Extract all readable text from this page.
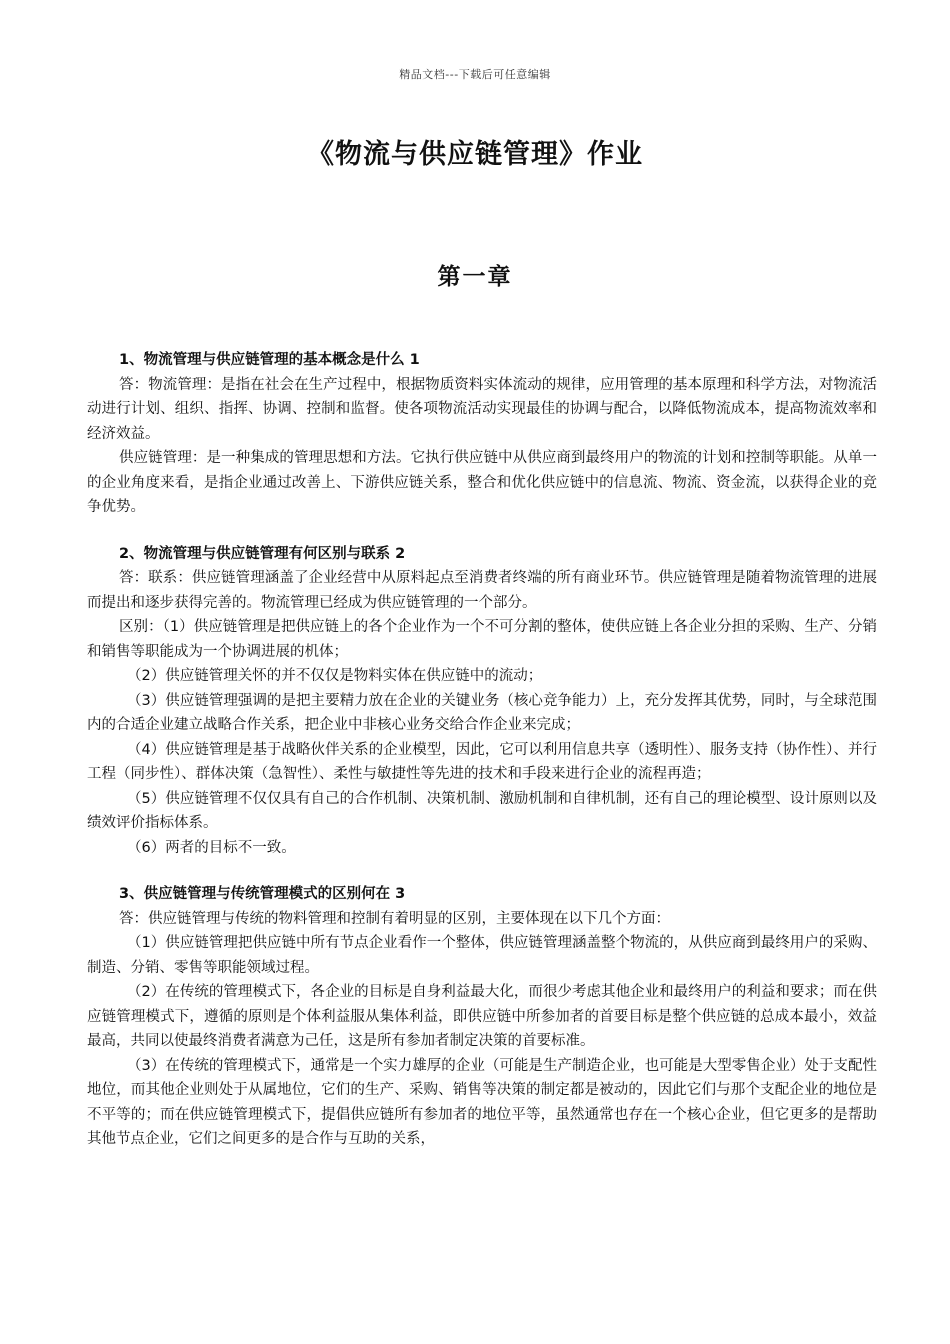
精品文档---下载后可任意编辑
《物流与供应链管理》作业
第一章

1、物流管理与供应链管理的基本概念是什么 1

答：物流管理：是指在社会在生产过程中，根据物质资料实体流动的规律，应用管理的基本原理和科学方法，对物流活动进行计划、组织、指挥、协调、控制和监督。使各项物流活动实现最佳的协调与配合，以降低物流成本，提高物流效率和经济效益。

供应链管理：是一种集成的管理思想和方法。它执行供应链中从供应商到最终用户的物流的计划和控制等职能。从单一的企业角度来看，是指企业通过改善上、下游供应链关系，整合和优化供应链中的信息流、物流、资金流，以获得企业的竞争优势。

2、物流管理与供应链管理有何区别与联系 2

答：联系：供应链管理涵盖了企业经营中从原料起点至消费者终端的所有商业环节。供应链管理是随着物流管理的进展而提出和逐步获得完善的。物流管理已经成为供应链管理的一个部分。

区别：（1）供应链管理是把供应链上的各个企业作为一个不可分割的整体，使供应链上各企业分担的采购、生产、分销和销售等职能成为一个协调进展的机体；

（2）供应链管理关怀的并不仅仅是物料实体在供应链中的流动；

（3）供应链管理强调的是把主要精力放在企业的关键业务（核心竞争能力）上，充分发挥其优势，同时，与全球范围内的合适企业建立战略合作关系，把企业中非核心业务交给合作企业来完成；

（4）供应链管理是基于战略伙伴关系的企业模型，因此，它可以利用信息共享（透明性）、服务支持（协作性）、并行工程（同步性）、群体决策（急智性）、柔性与敏捷性等先进的技术和手段来进行企业的流程再造；

（5）供应链管理不仅仅具有自己的合作机制、决策机制、激励机制和自律机制，还有自己的理论模型、设计原则以及绩效评价指标体系。

（6）两者的目标不一致。

3、供应链管理与传统管理模式的区别何在 3

答：供应链管理与传统的物料管理和控制有着明显的区别，主要体现在以下几个方面：

（1）供应链管理把供应链中所有节点企业看作一个整体，供应链管理涵盖整个物流的，从供应商到最终用户的采购、制造、分销、零售等职能领域过程。

（2）在传统的管理模式下，各企业的目标是自身利益最大化，而很少考虑其他企业和最终用户的利益和要求；而在供应链管理模式下，遵循的原则是个体利益服从集体利益，即供应链中所参加者的首要目标是整个供应链的总成本最小，效益最高，共同以使最终消费者满意为己任，这是所有参加者制定决策的首要标准。

（3）在传统的管理模式下，通常是一个实力雄厚的企业（可能是生产制造企业，也可能是大型零售企业）处于支配性地位，而其他企业则处于从属地位，它们的生产、采购、销售等决策的制定都是被动的，因此它们与那个支配企业的地位是不平等的；而在供应链管理模式下，提倡供应链所有参加者的地位平等，虽然通常也存在一个核心企业，但它更多的是帮助其他节点企业，它们之间更多的是合作与互助的关系，
